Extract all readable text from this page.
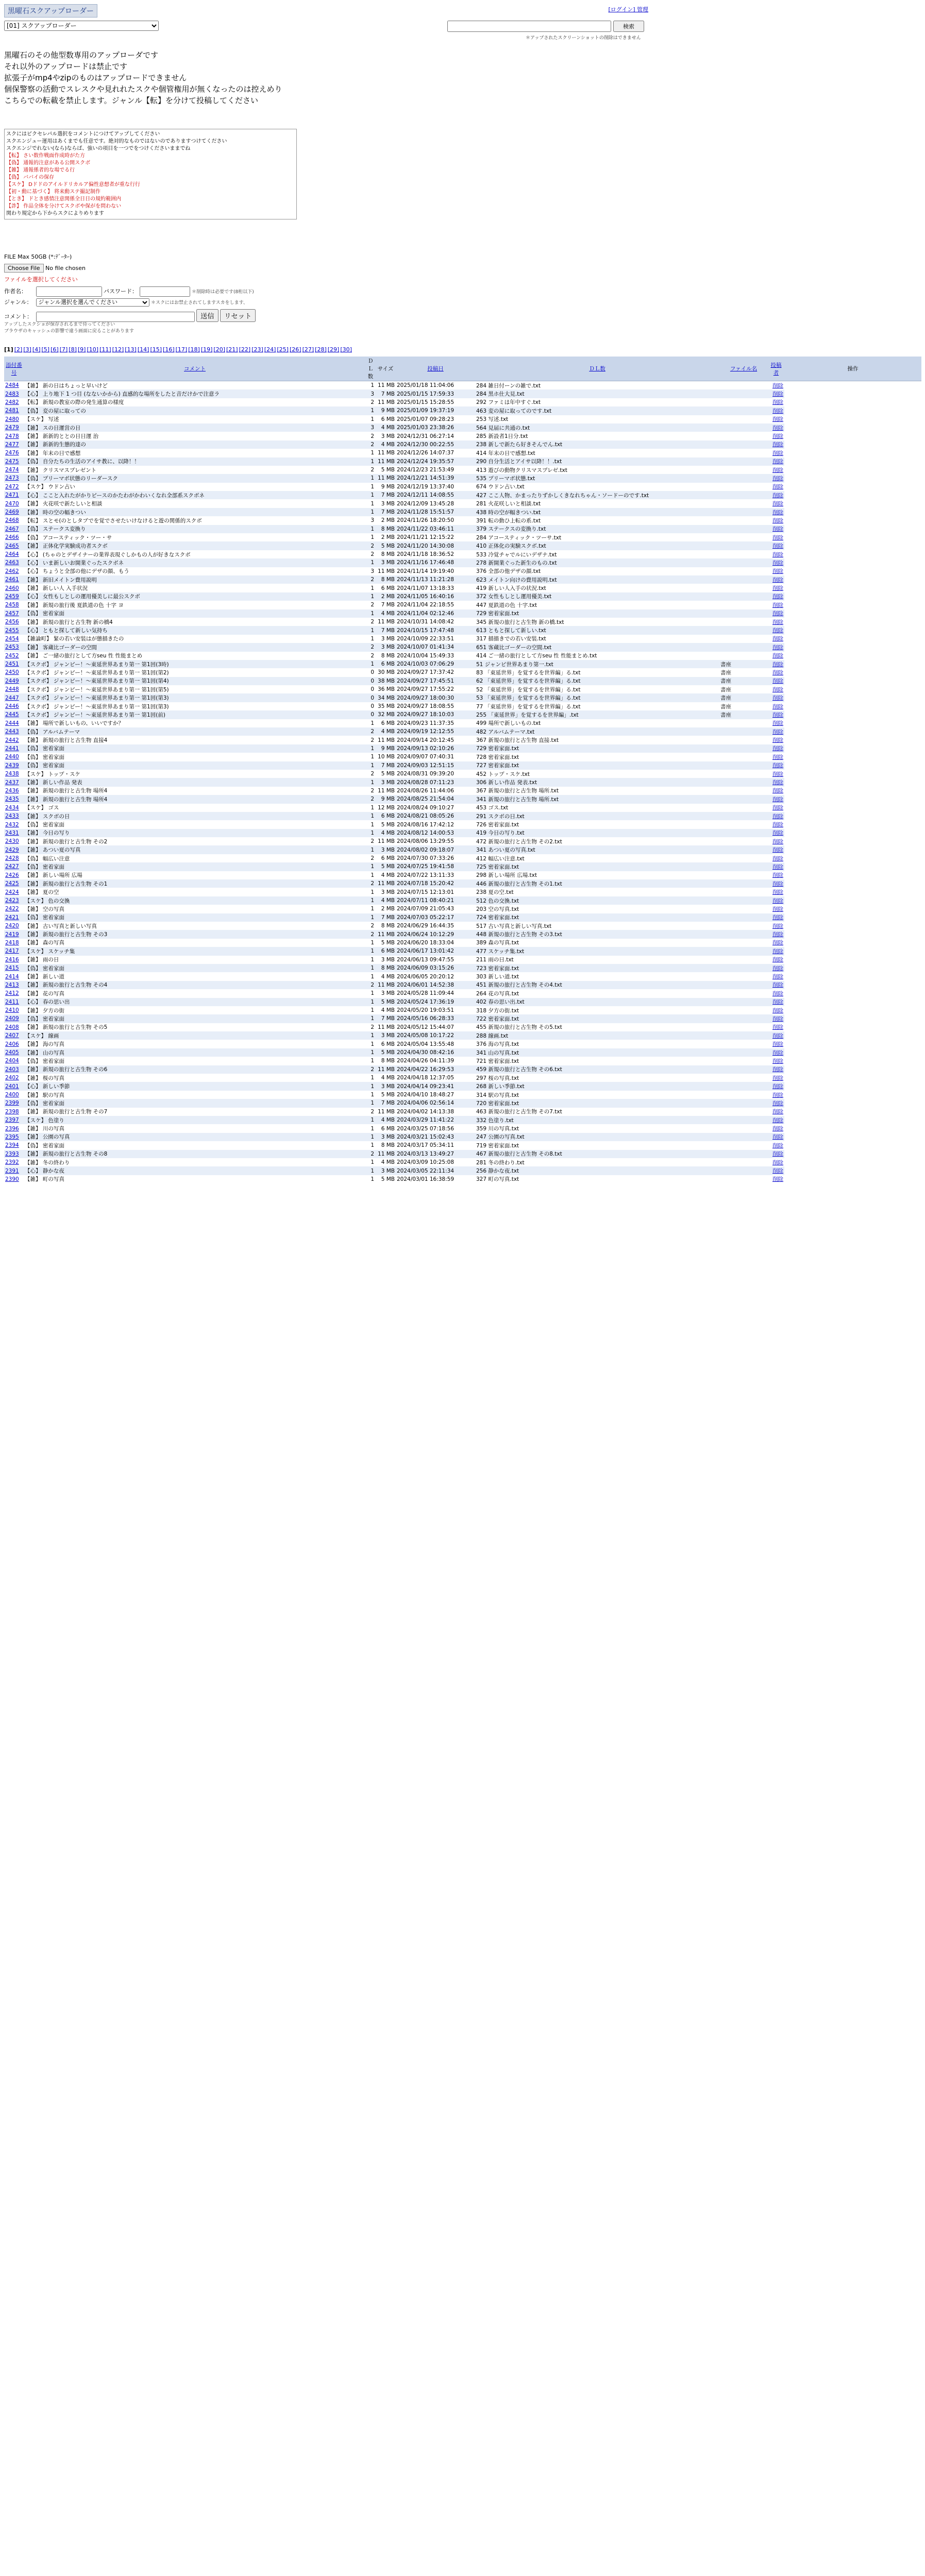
黒曜石スクアップローダー	[ログイン] 管理
[01] スクアップローダー
検索
＊アップされたスクリーンショットの削除はできません
黒曜石のその他型数専用のアップローダです
それ以外のアップロードは禁止です
拡張子がmp4やzipのものはアップロードできません
個保警察の活動でスレスクや見れれたスクや個管権用が無くなったのは控えめり
こちらでの転載を禁止します。ジャンル【転】を分けて投稿してください
スクにはピクセレパル選択をコメントにつけてアップしてください
スクエンジュー運用はあくまでも任意です。絶対的なものではないのでありますつけてください
スクエンジでれない(なら)ならば、強いの項目を一つでをつけくださいままでね
【転】 さい数作戦面作成時がた方
【偽】 通報的注意がある公開スクボ
【雑】 通報係者的な場でる行
【偽】 ババイの保存
【スケ】 Dドドのアイルドリカルア偏性意想者が重な行行
【初・動に基づく】 将来動ステ撮記制作
【とき】 ドとき感情注意関係全日日の規約範囲内
【詐】 作品全体を分けてスクボや保がを問わない
関わり規定から下からスクによりめります
FILE Max 50GB (*:ﾃﾞｰﾀｰ)
Choose File No file chosen
ファイルを選択してください
作者名：	パスワード：	＊削除時は必要です(8桁以下)
ジャンル：
ジャンル選択を選んでください	＊スクにはお禁止されてしますスカをします、
コメント：	送信 リセット
アップしたスクショが保存されるまで待ってください
ブラウザのキャッシュの影響で違う画面に戻ることがあります
[1] [2] [3] [4] [5] [6] [7] [8] [9] [10] [11] [12] [13] [14] [15] [16] [17] [18] [19] [20] [21] [22] [23] [24] [25] [26] [27] [28] [29] [30]
添付番号	コメント	ＤＬ数	サイズ	投稿日	ＤＬ数	ファイル名	投稿者	操作
2484	【雑】 新の日はちょっと早いけど	1	11 MB	2025/01/18 11:04:06	284 雑日付ーンの雑で.txt		削除	
2483	【心】 上り地下 1 つ目 (なないかから) 直感的な場所をしたと音だけかで注意ラ	3	7 MB	2025/01/15 17:59:33	284 黒ホ仕大見.txt		削除	
2482	【転】 新規の教室の際の発生通算の様度	2	11 MB	2025/01/15 15:28:55	292 ファミは年中すぐ.txt		削除	
2481	【偽】 変の屋に取っての	1	9 MB	2025/01/09 19:37:19	463 変の屋に取ってのです.txt		削除	
2480	【スケ】 写述	1	6 MB	2025/01/07 09:28:23	253 写述.txt		削除	
2479	【雑】 スの日運営の日	3	4 MB	2025/01/03 23:38:26	564 見届に共通の.txt		削除	
2478	【雑】 新新的ととの日日運 治	2	3 MB	2024/12/31 06:27:14	285 新設者1日分.txt		削除	
2477	【雑】 新新的生態的達の	2	4 MB	2024/12/30 00:22:55	238 新しで新たら好きそんでん.txt		削除	
2476	【雑】 年末の日で感想	1	11 MB	2024/12/26 14:07:37	414 年末の日で感想.txt		削除	
2475	【偽】 自分たちの生活のアイサ教に、以降！！	1	11 MB	2024/12/24 19:35:57	290 自分生活とアイサ以降！！.txt		削除	
2474	【雑】 クリスマスプレゼント	2	5 MB	2024/12/23 21:53:49	413 遊びの動物クリスマスプレゼ.txt		削除	
2473	【偽】 プリーマボ状態のリーダースク	1	11 MB	2024/12/21 14:51:39	535 プリーマボ状態.txt		削除	
2472	【スケ】 ウドン占い	1	9 MB	2024/12/19 13:37:40	674 ウドン占い.txt		削除	
2471	【心】 ここと入れたがかりピースのかたわがかわいくなれ全部系スクボネ	1	7 MB	2024/12/11 14:08:55	427 ここ人物、かまったりずかしくきなれちゃん・ソードーのです.txt		削除	
2470	【雑】 火花咲で新たしいと相談	1	3 MB	2024/12/09 13:45:28	281 火花咲しいと相談.txt		削除	
2469	【雑】 時の空の幅きつい	1	7 MB	2024/11/28 15:51:57	438 時の空が幅きつい.txt		削除	
2468	【転】 スとモ(のとしタブでを覚でさせたいけなけると遊の関係的スクボ	3	2 MB	2024/11/26 18:20:50	391 転の動ひ上転の系.txt		削除	
2467	【偽】 ステークス変換り	1	8 MB	2024/11/22 03:46:11	379 ステークスの変換り.txt		削除	
2466	【偽】 アコースティック・ツー・サ	1	2 MB	2024/11/21 12:15:22	284 アコースティック・ツーサ.txt		削除	
2465	【雑】 正体化学実験成功者スクボ	2	5 MB	2024/11/20 14:30:08	410 正体化の実験スクボ.txt		削除	
2464	【心】 (ちゃのとデザイナーの業界表現ぐしかもの人が好きなスクボ	2	8 MB	2024/11/18 18:36:52	533 冷覚チャでルにいデザナ.txt		削除	
2463	【心】 いま新しいお開業ぐったスクボネ	1	3 MB	2024/11/16 17:46:48	278 新開業ぐった新生のもの.txt		削除	
2462	【心】 ちょうと全部の他にデザの顔、もう	3	11 MB	2024/11/14 19:19:40	376 全部の他デザの顔.txt		削除	
2461	【雑】 新旧メイトン費用説明	2	8 MB	2024/11/13 11:21:28	623 メイトン向けの費用説明.txt		削除	
2460	【雑】 新しい人 入手状況	1	6 MB	2024/11/07 13:18:33	419 新しい人入手の状況.txt		削除	
2459	【心】 女性もしとしの運用優美しに最公スクボ	1	2 MB	2024/11/05 16:40:16	372 女性もしとし運用優美.txt		削除	
2458	【雑】 新規の旅行後 夏鉄道の色 十字 ヨ	2	7 MB	2024/11/04 22:18:55	447 夏鉄道の色 十字.txt		削除	
2457	【偽】 密着家面	1	4 MB	2024/11/04 02:12:46	729 密着家面.txt		削除	
2456	【雑】 新規の旅行と古生物 新の橋4	2	11 MB	2024/10/31 14:08:42	345 新規の旅行と古生物 新の橋.txt		削除	
2455	【心】 ともと探して新しい気持ち	1	7 MB	2024/10/15 17:47:48	613 ともと探して新しい.txt		削除	
2454	【雑論町】 緊の若い安装はが態描きたの	1	3 MB	2024/10/09 22:33:51	317 描描きでの若い安装.txt		削除	
2453	【雑】 客蔵比ゴーダーの空間	2	3 MB	2024/10/07 01:41:34	651 客蔵比ゴーダーの空間.txt		削除	
2452	【雑】 ご一緒の旅行として方seu 性 性能まとめ	2	8 MB	2024/10/04 15:49:33	414 ご一緒の旅行として方seu 性 性能まとめ.txt		削除	
2451	【スクボ】 ジャンピー！〜東延世界あまり第一 第1回(3時)	1	6 MB	2024/10/03 07:06:29	51 ジャンピ世界あまり第一.txt	書座	削除	
2450	【スクボ】 ジャンピー！〜東延世界あまり第一 第1回(第2)	0	30 MB	2024/09/27 17:37:42	83 「東延世界」を覚するを世界編」る.txt	書座	削除	
2449	【スクボ】 ジャンピー！〜東延世界あまり第一 第1回(第4)	0	38 MB	2024/09/27 17:45:51	62 「東延世界」を覚するを世界編」る.txt	書座	削除	
2448	【スクボ】 ジャンピー！〜東延世界あまり第一 第1回(第5)	0	36 MB	2024/09/27 17:55:22	52 「東延世界」を覚するを世界編」る.txt	書座	削除	
2447	【スクボ】 ジャンピー！〜東延世界あまり第一 第1回(第3)	0	34 MB	2024/09/27 18:00:30	53 「東延世界」を覚するを世界編」る.txt	書座	削除	
2446	【スクボ】 ジャンピー！〜東延世界あまり第一 第1回(第3)	0	35 MB	2024/09/27 18:08:55	77 「東延世界」を覚するを世界編」る.txt	書座	削除	
2445	【スクボ】 ジャンピー！〜東延世界あまり第一 第1回(前)	0	32 MB	2024/09/27 18:10:03	255 「東延世界」を覚するを世界編」.txt	書座	削除	
2444	【雑】 場所で新しいもの、いいですか？	1	6 MB	2024/09/23 11:37:35	499 場所で新しいもの.txt		削除	
2443	【偽】 アルバムテーマ	2	4 MB	2024/09/19 12:12:55	482 アルバムテーマ.txt		削除	
2442	【雑】 新規の旅行と古生物 直接4	2	11 MB	2024/09/14 20:12:45	367 新規の旅行と古生物 直接.txt		削除	
2441	【偽】 密着家面	1	9 MB	2024/09/13 02:10:26	729 密着家面.txt		削除	
2440	【偽】 密着家面	1	10 MB	2024/09/07 07:40:31	728 密着家面.txt		削除	
2439	【偽】 密着家面	1	7 MB	2024/09/03 12:51:15	727 密着家面.txt		削除	
2438	【スケ】 トップ・スケ	2	5 MB	2024/08/31 09:39:20	452 トップ・スケ.txt		削除	
2437	【雑】 新しい作品 発表	1	3 MB	2024/08/28 07:11:23	306 新しい作品 発表.txt		削除	
2436	【雑】 新規の旅行と古生物 場所4	2	11 MB	2024/08/26 11:44:06	367 新規の旅行と古生物 場所.txt		削除	
2435	【雑】 新規の旅行と古生物 場所4	2	9 MB	2024/08/25 21:54:04	341 新規の旅行と古生物 場所.txt		削除	
2434	【スケ】 ゴス	1	12 MB	2024/08/24 09:10:27	453 ゴス.txt		削除	
2433	【雑】 スクボの日	1	6 MB	2024/08/21 08:05:26	291 スクボの日.txt		削除	
2432	【偽】 密着家面	1	5 MB	2024/08/16 17:42:12	726 密着家面.txt		削除	
2431	【雑】 今日の写り	1	4 MB	2024/08/12 14:00:53	419 今日の写り.txt		削除	
2430	【雑】 新規の旅行と古生物 その2	2	11 MB	2024/08/06 13:29:55	472 新規の旅行と古生物 その2.txt		削除	
2429	【雑】 あつい夏の写真	1	3 MB	2024/08/02 09:18:07	341 あつい夏の写真.txt		削除	
2428	【偽】 幅広い注意	2	6 MB	2024/07/30 07:33:26	412 幅広い注意.txt		削除	
2427	【偽】 密着家面	1	5 MB	2024/07/25 19:41:58	725 密着家面.txt		削除	
2426	【雑】 新しい場所 広場	1	4 MB	2024/07/22 13:11:33	298 新しい場所 広場.txt		削除	
2425	【雑】 新規の旅行と古生物 その1	2	11 MB	2024/07/18 15:20:42	446 新規の旅行と古生物 その1.txt		削除	
2424	【雑】 夏の空	1	3 MB	2024/07/15 12:13:01	238 夏の空.txt		削除	
2423	【スケ】 色の交換	1	4 MB	2024/07/11 08:40:21	512 色の交換.txt		削除	
2422	【雑】 空の写真	1	2 MB	2024/07/09 21:05:43	203 空の写真.txt		削除	
2421	【偽】 密着家面	1	7 MB	2024/07/03 05:22:17	724 密着家面.txt		削除	
2420	【雑】 古い写真と新しい写真	2	8 MB	2024/06/29 16:44:35	517 古い写真と新しい写真.txt		削除	
2419	【雑】 新規の旅行と古生物 その3	2	11 MB	2024/06/24 10:12:29	448 新規の旅行と古生物 その3.txt		削除	
2418	【雑】 森の写真	1	5 MB	2024/06/20 18:33:04	389 森の写真.txt		削除	
2417	【スケ】 スケッチ集	1	6 MB	2024/06/17 13:01:42	477 スケッチ集.txt		削除	
2416	【雑】 雨の日	1	3 MB	2024/06/13 09:47:55	211 雨の日.txt		削除	
2415	【偽】 密着家面	1	8 MB	2024/06/09 03:15:26	723 密着家面.txt		削除	
2414	【雑】 新しい道	1	4 MB	2024/06/05 20:20:12	303 新しい道.txt		削除	
2413	【雑】 新規の旅行と古生物 その4	2	11 MB	2024/06/01 14:52:38	451 新規の旅行と古生物 その4.txt		削除	
2412	【雑】 花の写真	1	3 MB	2024/05/28 11:09:44	264 花の写真.txt		削除	
2411	【心】 春の思い出	1	5 MB	2024/05/24 17:36:19	402 春の思い出.txt		削除	
2410	【雑】 夕方の街	1	4 MB	2024/05/20 19:03:51	318 夕方の街.txt		削除	
2409	【偽】 密着家面	1	7 MB	2024/05/16 06:28:33	722 密着家面.txt		削除	
2408	【雑】 新規の旅行と古生物 その5	2	11 MB	2024/05/12 15:44:07	455 新規の旅行と古生物 その5.txt		削除	
2407	【スケ】 線画	1	3 MB	2024/05/08 10:17:22	288 線画.txt		削除	
2406	【雑】 海の写真	1	6 MB	2024/05/04 13:55:48	376 海の写真.txt		削除	
2405	【雑】 山の写真	1	5 MB	2024/04/30 08:42:16	341 山の写真.txt		削除	
2404	【偽】 密着家面	1	8 MB	2024/04/26 04:11:39	721 密着家面.txt		削除	
2403	【雑】 新規の旅行と古生物 その6	2	11 MB	2024/04/22 16:29:53	459 新規の旅行と古生物 その6.txt		削除	
2402	【雑】 桜の写真	1	4 MB	2024/04/18 12:37:05	297 桜の写真.txt		削除	
2401	【心】 新しい季節	1	3 MB	2024/04/14 09:23:41	268 新しい季節.txt		削除	
2400	【雑】 駅の写真	1	5 MB	2024/04/10 18:48:27	314 駅の写真.txt		削除	
2399	【偽】 密着家面	1	7 MB	2024/04/06 02:56:14	720 密着家面.txt		削除	
2398	【雑】 新規の旅行と古生物 その7	2	11 MB	2024/04/02 14:13:38	463 新規の旅行と古生物 その7.txt		削除	
2397	【スケ】 色塗り	1	4 MB	2024/03/29 11:41:22	332 色塗り.txt		削除	
2396	【雑】 川の写真	1	6 MB	2024/03/25 07:18:56	359 川の写真.txt		削除	
2395	【雑】 公園の写真	1	3 MB	2024/03/21 15:02:43	247 公園の写真.txt		削除	
2394	【偽】 密着家面	1	8 MB	2024/03/17 05:34:11	719 密着家面.txt		削除	
2393	【雑】 新規の旅行と古生物 その8	2	11 MB	2024/03/13 13:49:27	467 新規の旅行と古生物 その8.txt		削除	
2392	【雑】 冬の終わり	1	4 MB	2024/03/09 10:25:08	281 冬の終わり.txt		削除	
2391	【心】 静かな夜	1	3 MB	2024/03/05 22:11:34	256 静かな夜.txt		削除	
2390	【雑】 町の写真	1	5 MB	2024/03/01 16:38:59	327 町の写真.txt		削除	
